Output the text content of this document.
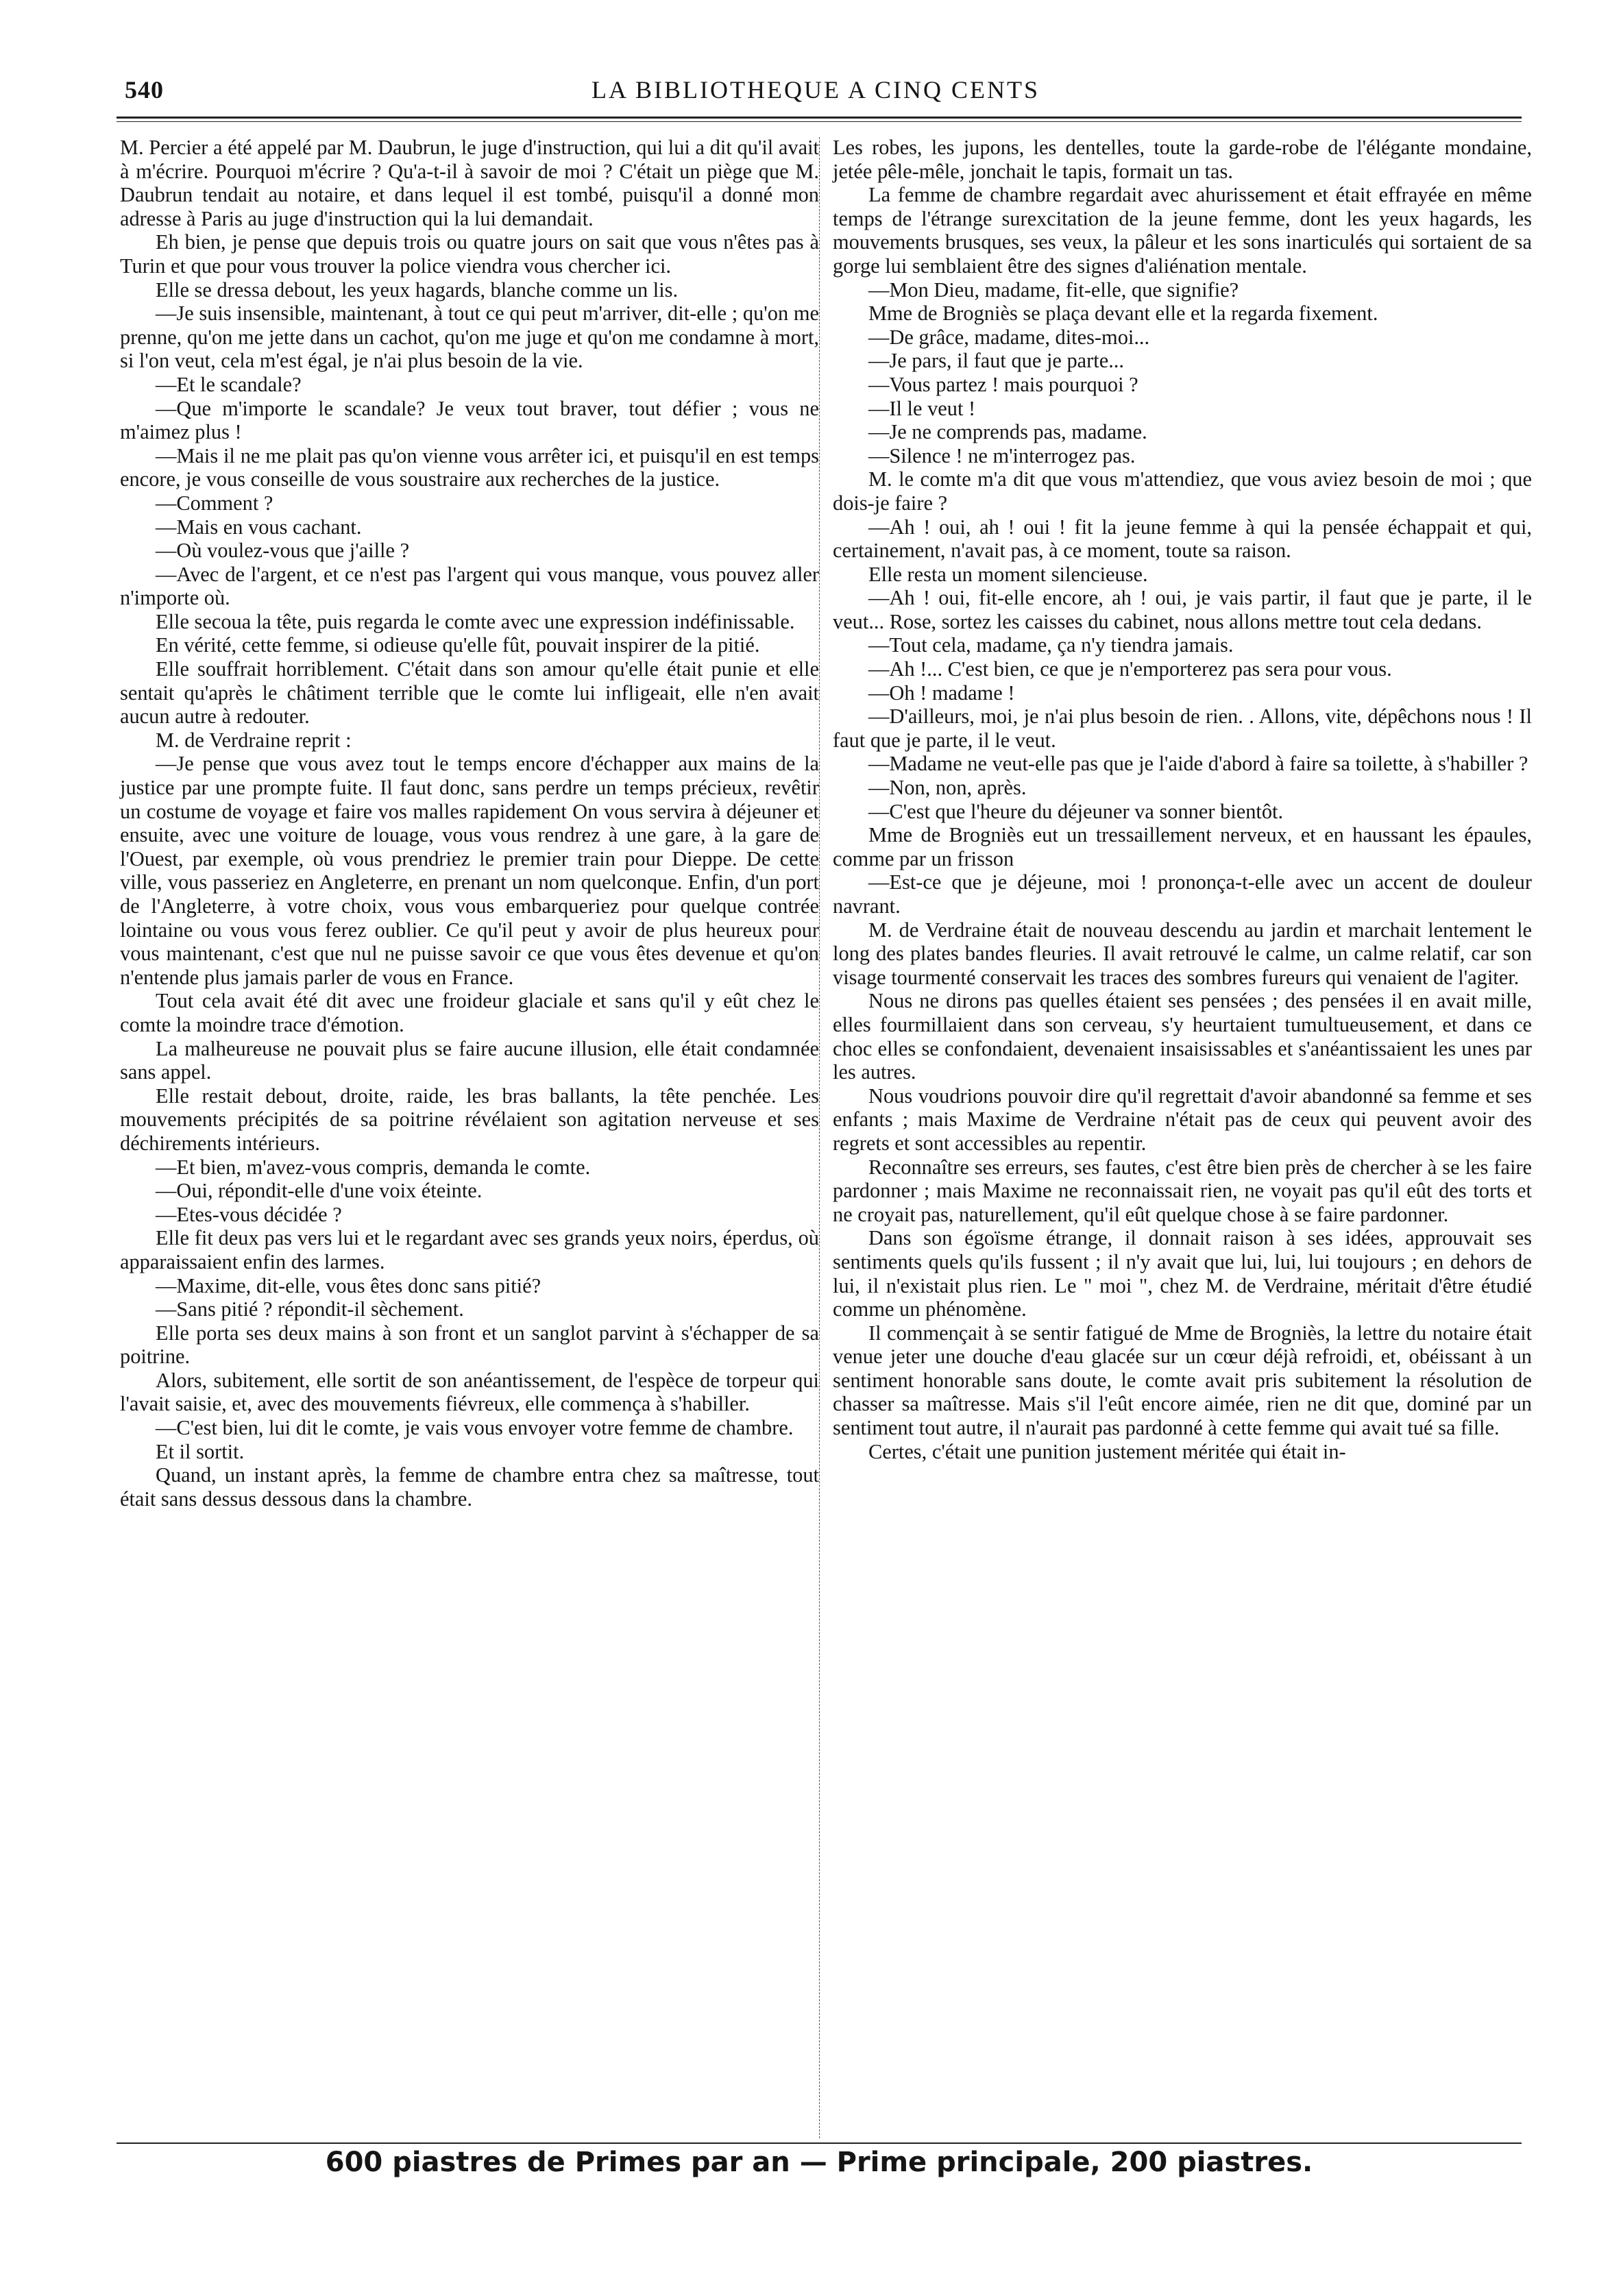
540	LA BIBLIOTHEQUE A CINQ CENTS

M. Percier a été appelé par M. Daubrun, le juge d'instruction, qui lui a dit qu'il avait à m'écrire. Pourquoi m'écrire ? Qu'a-t-il à savoir de moi ? C'était un piège que M. Daubrun tendait au notaire, et dans lequel il est tombé, puisqu'il a donné mon adresse à Paris au juge d'instruction qui la lui demandait.

Eh bien, je pense que depuis trois ou quatre jours on sait que vous n'êtes pas à Turin et que pour vous trouver la police viendra vous chercher ici.

Elle se dressa debout, les yeux hagards, blanche comme un lis.

—Je suis insensible, maintenant, à tout ce qui peut m'arriver, dit-elle ; qu'on me prenne, qu'on me jette dans un cachot, qu'on me juge et qu'on me condamne à mort, si l'on veut, cela m'est égal, je n'ai plus besoin de la vie.

—Et le scandale?

—Que m'importe le scandale? Je veux tout braver, tout défier ; vous ne m'aimez plus !

—Mais il ne me plait pas qu'on vienne vous arrêter ici, et puisqu'il en est temps encore, je vous conseille de vous soustraire aux recherches de la justice.

—Comment ?

—Mais en vous cachant.

—Où voulez-vous que j'aille ?

—Avec de l'argent, et ce n'est pas l'argent qui vous manque, vous pouvez aller n'importe où.

Elle secoua la tête, puis regarda le comte avec une expression indéfinissable.

En vérité, cette femme, si odieuse qu'elle fût, pouvait inspirer de la pitié.

Elle souffrait horriblement. C'était dans son amour qu'elle était punie et elle sentait qu'après le châtiment terrible que le comte lui infligeait, elle n'en avait aucun autre à redouter.

M. de Verdraine reprit :

—Je pense que vous avez tout le temps encore d'échapper aux mains de la justice par une prompte fuite. Il faut donc, sans perdre un temps précieux, revêtir un costume de voyage et faire vos malles rapidement On vous servira à déjeuner et ensuite, avec une voiture de louage, vous vous rendrez à une gare, à la gare de l'Ouest, par exemple, où vous prendriez le premier train pour Dieppe. De cette ville, vous passeriez en Angleterre, en prenant un nom quelconque. Enfin, d'un port de l'Angleterre, à votre choix, vous vous embarqueriez pour quelque contrée lointaine ou vous vous ferez oublier. Ce qu'il peut y avoir de plus heureux pour vous maintenant, c'est que nul ne puisse savoir ce que vous êtes devenue et qu'on n'entende plus jamais parler de vous en France.

Tout cela avait été dit avec une froideur glaciale et sans qu'il y eût chez le comte la moindre trace d'émotion.

La malheureuse ne pouvait plus se faire aucune illusion, elle était condamnée sans appel.

Elle restait debout, droite, raide, les bras ballants, la tête penchée. Les mouvements précipités de sa poitrine révélaient son agitation nerveuse et ses déchirements intérieurs.

—Et bien, m'avez-vous compris, demanda le comte.

—Oui, répondit-elle d'une voix éteinte.

—Etes-vous décidée ?

Elle fit deux pas vers lui et le regardant avec ses grands yeux noirs, éperdus, où apparaissaient enfin des larmes.

—Maxime, dit-elle, vous êtes donc sans pitié?

—Sans pitié ? répondit-il sèchement.

Elle porta ses deux mains à son front et un sanglot parvint à s'échapper de sa poitrine.

Alors, subitement, elle sortit de son anéantissement, de l'espèce de torpeur qui l'avait saisie, et, avec des mouvements fiévreux, elle commença à s'habiller.

—C'est bien, lui dit le comte, je vais vous envoyer votre femme de chambre.

Et il sortit.

Quand, un instant après, la femme de chambre entra chez sa maîtresse, tout était sans dessus dessous dans la chambre.

Les robes, les jupons, les dentelles, toute la garde-robe de l'élégante mondaine, jetée pêle-mêle, jonchait le tapis, formait un tas.

La femme de chambre regardait avec ahurissement et était effrayée en même temps de l'étrange surexcitation de la jeune femme, dont les yeux hagards, les mouvements brusques, ses veux, la pâleur et les sons inarticulés qui sortaient de sa gorge lui semblaient être des signes d'aliénation mentale.

—Mon Dieu, madame, fit-elle, que signifie?

Mme de Brogniès se plaça devant elle et la regarda fixement.

—De grâce, madame, dites-moi...

—Je pars, il faut que je parte...

—Vous partez ! mais pourquoi ?

—Il le veut !

—Je ne comprends pas, madame.

—Silence ! ne m'interrogez pas.

M. le comte m'a dit que vous m'attendiez, que vous aviez besoin de moi ; que dois-je faire ?

—Ah ! oui, ah ! oui ! fit la jeune femme à qui la pensée échappait et qui, certainement, n'avait pas, à ce moment, toute sa raison.

Elle resta un moment silencieuse.

—Ah ! oui, fit-elle encore, ah ! oui, je vais partir, il faut que je parte, il le veut... Rose, sortez les caisses du cabinet, nous allons mettre tout cela dedans.

—Tout cela, madame, ça n'y tiendra jamais.

—Ah !... C'est bien, ce que je n'emporterez pas sera pour vous.

—Oh ! madame !

—D'ailleurs, moi, je n'ai plus besoin de rien. . Allons, vite, dépêchons nous ! Il faut que je parte, il le veut.

—Madame ne veut-elle pas que je l'aide d'abord à faire sa toilette, à s'habiller ?

—Non, non, après.

—C'est que l'heure du déjeuner va sonner bientôt.

Mme de Brogniès eut un tressaillement nerveux, et en haussant les épaules, comme par un frisson

—Est-ce que je déjeune, moi ! prononça-t-elle avec un accent de douleur navrant.

M. de Verdraine était de nouveau descendu au jardin et marchait lentement le long des plates bandes fleuries. Il avait retrouvé le calme, un calme relatif, car son visage tourmenté conservait les traces des sombres fureurs qui venaient de l'agiter.

Nous ne dirons pas quelles étaient ses pensées ; des pensées il en avait mille, elles fourmillaient dans son cerveau, s'y heurtaient tumultueusement, et dans ce choc elles se confondaient, devenaient insaisissables et s'anéantissaient les unes par les autres.

Nous voudrions pouvoir dire qu'il regrettait d'avoir abandonné sa femme et ses enfants ; mais Maxime de Verdraine n'était pas de ceux qui peuvent avoir des regrets et sont accessibles au repentir.

Reconnaître ses erreurs, ses fautes, c'est être bien près de chercher à se les faire pardonner ; mais Maxime ne reconnaissait rien, ne voyait pas qu'il eût des torts et ne croyait pas, naturellement, qu'il eût quelque chose à se faire pardonner.

Dans son égoïsme étrange, il donnait raison à ses idées, approuvait ses sentiments quels qu'ils fussent ; il n'y avait que lui, lui, lui toujours ; en dehors de lui, il n'existait plus rien. Le " moi ", chez M. de Verdraine, méritait d'être étudié comme un phénomène.

Il commençait à se sentir fatigué de Mme de Brogniès, la lettre du notaire était venue jeter une douche d'eau glacée sur un cœur déjà refroidi, et, obéissant à un sentiment honorable sans doute, le comte avait pris subitement la résolution de chasser sa maîtresse. Mais s'il l'eût encore aimée, rien ne dit que, dominé par un sentiment tout autre, il n'aurait pas pardonné à cette femme qui avait tué sa fille.

Certes, c'était une punition justement méritée qui était in-

600 piastres de Primes par an — Prime principale, 200 piastres.
